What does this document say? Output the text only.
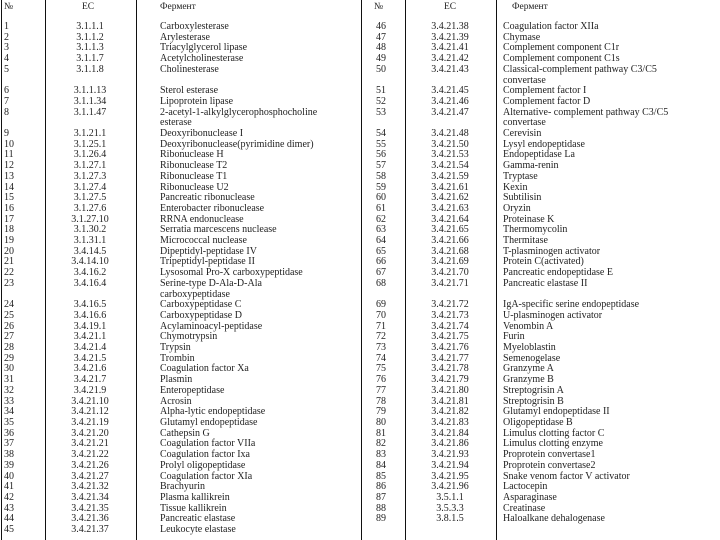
№	EC	Фермент
1	3.1.1.1	Carboxylesterase
2	3.1.1.2	Arylesterase
3	3.1.1.3	Triacylglycerol lipase
4	3.1.1.7	Acetylcholinesterase
5	3.1.1.8	Cholinesterase
6	3.1.1.13	Sterol esterase
7	3.1.1.34	Lipoprotein lipase
8	3.1.1.47	2-acetyl-1-alkylglycerophosphocholine
esterase
9	3.1.21.1	Deoxyribonuclease I
10	3.1.25.1	Deoxyribonuclease(pyrimidine dimer)
11	3.1.26.4	Ribonuclease H
12	3.1.27.1	Ribonuclease T2
13	3.1.27.3	Ribonuclease T1
14	3.1.27.4	Ribonuclease U2
15	3.1.27.5	Pancreatic ribonuclease
16	3.1.27.6	Enterobacter ribonuclease
17	3.1.27.10	RRNA endonuclease
18	3.1.30.2	Serratia marcescens nuclease
19	3.1.31.1	Micrococcal nuclease
20	3.4.14.5	Dipeptidyl-peptidase IV
21	3.4.14.10	Tripeptidyl-peptidase II
22	3.4.16.2	Lysosomal Pro-X carboxypeptidase
23	3.4.16.4	Serine-type D-Ala-D-Ala
carboxypeptidase
24	3.4.16.5	Carboxypeptidase C
25	3.4.16.6	Carboxypeptidase D
26	3.4.19.1	Acylaminoacyl-peptidase
27	3.4.21.1	Chymotrypsin
28	3.4.21.4	Trypsin
29	3.4.21.5	Trombin
30	3.4.21.6	Coagulation factor Xa
31	3.4.21.7	Plasmin
32	3.4.21.9	Enteropeptidase
33	3.4.21.10	Acrosin
34	3.4.21.12	Alpha-lytic endopeptidase
35	3.4.21.19	Glutamyl endopeptidase
36	3.4.21.20	Cathepsin G
37	3.4.21.21	Coagulation factor VIIa
38	3.4.21.22	Coagulation factor Ixa
39	3.4.21.26	Prolyl oligopeptidase
40	3.4.21.27	Coagulation factor XIa
41	3.4.21.32	Brachyurin
42	3.4.21.34	Plasma kallikrein
43	3.4.21.35	Tissue kallikrein
44	3.4.21.36	Pancreatic elastase
45	3.4.21.37	Leukocyte elastase
№	EC	Фермент
46	3.4.21.38	Coagulation factor XIIa
47	3.4.21.39	Chymase
48	3.4.21.41	Complement component C1r
49	3.4.21.42	Complement component C1s
50	3.4.21.43	Classical-complement pathway C3/C5
convertase
51	3.4.21.45	Complement factor I
52	3.4.21.46	Complement factor D
53	3.4.21.47	Alternative- complement pathway C3/C5
convertase
54	3.4.21.48	Cerevisin
55	3.4.21.50	Lysyl endopeptidase
56	3.4.21.53	Endopeptidase La
57	3.4.21.54	Gamma-renin
58	3.4.21.59	Tryptase
59	3.4.21.61	Kexin
60	3.4.21.62	Subtilisin
61	3.4.21.63	Oryzin
62	3.4.21.64	Proteinase K
63	3.4.21.65	Thermomycolin
64	3.4.21.66	Thermitase
65	3.4.21.68	T-plasminogen activator
66	3.4.21.69	Protein C(activated)
67	3.4.21.70	Pancreatic endopeptidase E
68	3.4.21.71	Pancreatic elastase II
69	3.4.21.72	IgA-specific serine endopeptidase
70	3.4.21.73	U-plasminogen activator
71	3.4.21.74	Venombin A
72	3.4.21.75	Furin
73	3.4.21.76	Myeloblastin
74	3.4.21.77	Semenogelase
75	3.4.21.78	Granzyme A
76	3.4.21.79	Granzyme B
77	3.4.21.80	Streptogrisin A
78	3.4.21.81	Streptogrisin B
79	3.4.21.82	Glutamyl endopeptidase II
80	3.4.21.83	Oligopeptidase B
81	3.4.21.84	Limulus clotting factor C
82	3.4.21.86	Limulus clotting enzyme
83	3.4.21.93	Proprotein convertase1
84	3.4.21.94	Proprotein convertase2
85	3.4.21.95	Snake venom factor V activator
86	3.4.21.96	Lactocepin
87	3.5.1.1	Asparaginase
88	3.5.3.3	Creatinase
89	3.8.1.5	Haloalkane dehalogenase
